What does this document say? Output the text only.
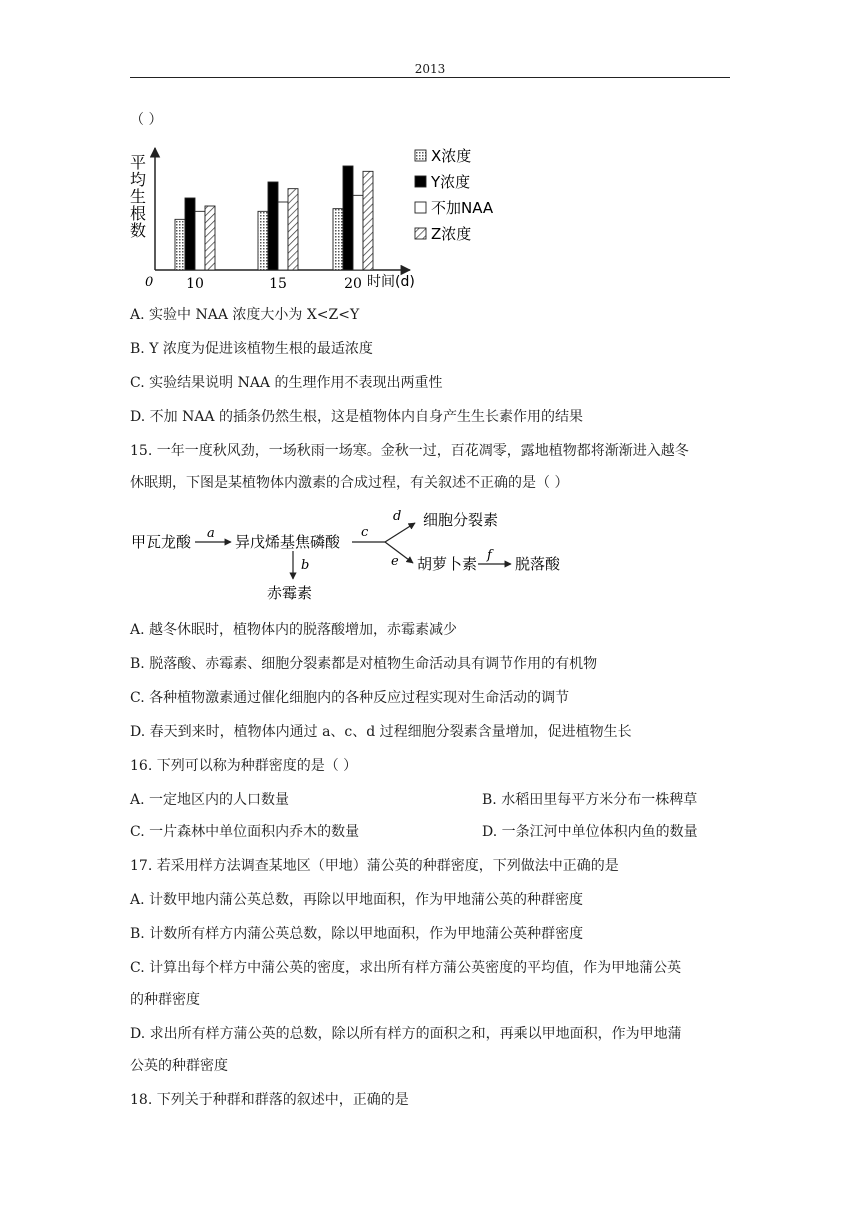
2013
（ ）
平
均
生
根
数
0	时间(d)
10	15	20
X浓度
Y浓度
不加NAA
Z浓度
A. 实验中 NAA 浓度大小为 X<Z<Y
B. Y 浓度为促进该植物生根的最适浓度
C. 实验结果说明 NAA 的生理作用不表现出两重性
D. 不加 NAA 的插条仍然生根，这是植物体内自身产生生长素作用的结果
15. 一年一度秋风劲，一场秋雨一场寒。金秋一过，百花凋零，露地植物都将渐渐进入越冬
休眠期，下图是某植物体内激素的合成过程，有关叙述不正确的是（ ）
甲瓦龙酸	异戊烯基焦磷酸
细胞分裂素
胡萝卜素	脱落酸
赤霉素
a
b
c
d
e	f
A. 越冬休眠时，植物体内的脱落酸增加，赤霉素减少
B. 脱落酸、赤霉素、细胞分裂素都是对植物生命活动具有调节作用的有机物
C. 各种植物激素通过催化细胞内的各种反应过程实现对生命活动的调节
D. 春天到来时，植物体内通过 a、c、d 过程细胞分裂素含量增加，促进植物生长
16. 下列可以称为种群密度的是（ ）
A. 一定地区内的人口数量	B. 水稻田里每平方米分布一株稗草
C. 一片森林中单位面积内乔木的数量	D. 一条江河中单位体积内鱼的数量
17. 若采用样方法调查某地区（甲地）蒲公英的种群密度，下列做法中正确的是
A. 计数甲地内蒲公英总数，再除以甲地面积，作为甲地蒲公英的种群密度
B. 计数所有样方内蒲公英总数，除以甲地面积，作为甲地蒲公英种群密度
C. 计算出每个样方中蒲公英的密度，求出所有样方蒲公英密度的平均值，作为甲地蒲公英
的种群密度
D. 求出所有样方蒲公英的总数，除以所有样方的面积之和，再乘以甲地面积，作为甲地蒲
公英的种群密度
18. 下列关于种群和群落的叙述中，正确的是
